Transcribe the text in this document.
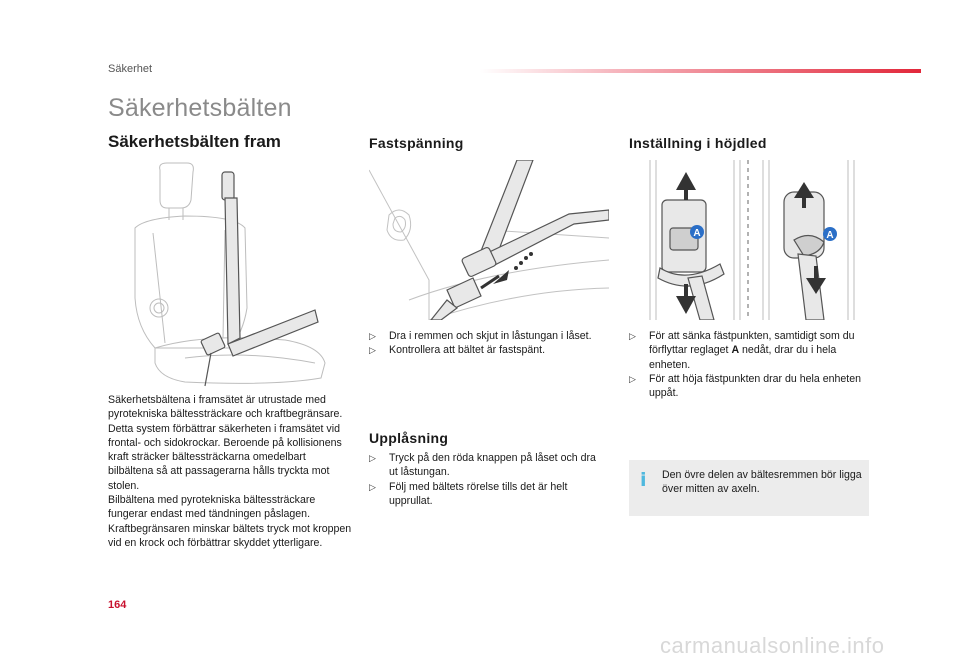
Säkerhet
Säkerhetsbälten
Säkerhetsbälten fram
Säkerhetsbältena i framsätet är utrustade med pyrotekniska bältessträckare och kraftbegränsare.
Detta system förbättrar säkerheten i framsätet vid frontal- och sidokrockar. Beroende på kollisionens kraft sträcker bältessträckarna omedelbart bilbältena så att passagerarna hålls tryckta mot stolen.
Bilbältena med pyrotekniska bältessträckare fungerar endast med tändningen påslagen.
Kraftbegränsaren minskar bältets tryck mot kroppen vid en krock och förbättrar skyddet ytterligare.
Fastspänning
▷ Dra i remmen och skjut in låstungan i låset.
▷ Kontrollera att bältet är fastspänt.
Upplåsning
▷ Tryck på den röda knappen på låset och dra ut låstungan.
▷ Följ med bältets rörelse tills det är helt upprullat.
Inställning i höjdled
A	A
▷ För att sänka fästpunkten, samtidigt som du förflyttar reglaget A nedåt, drar du i hela enheten.
▷ För att höja fästpunkten drar du hela enheten uppåt.
i Den övre delen av bältesremmen bör ligga över mitten av axeln.
164
carmanualsonline.info
